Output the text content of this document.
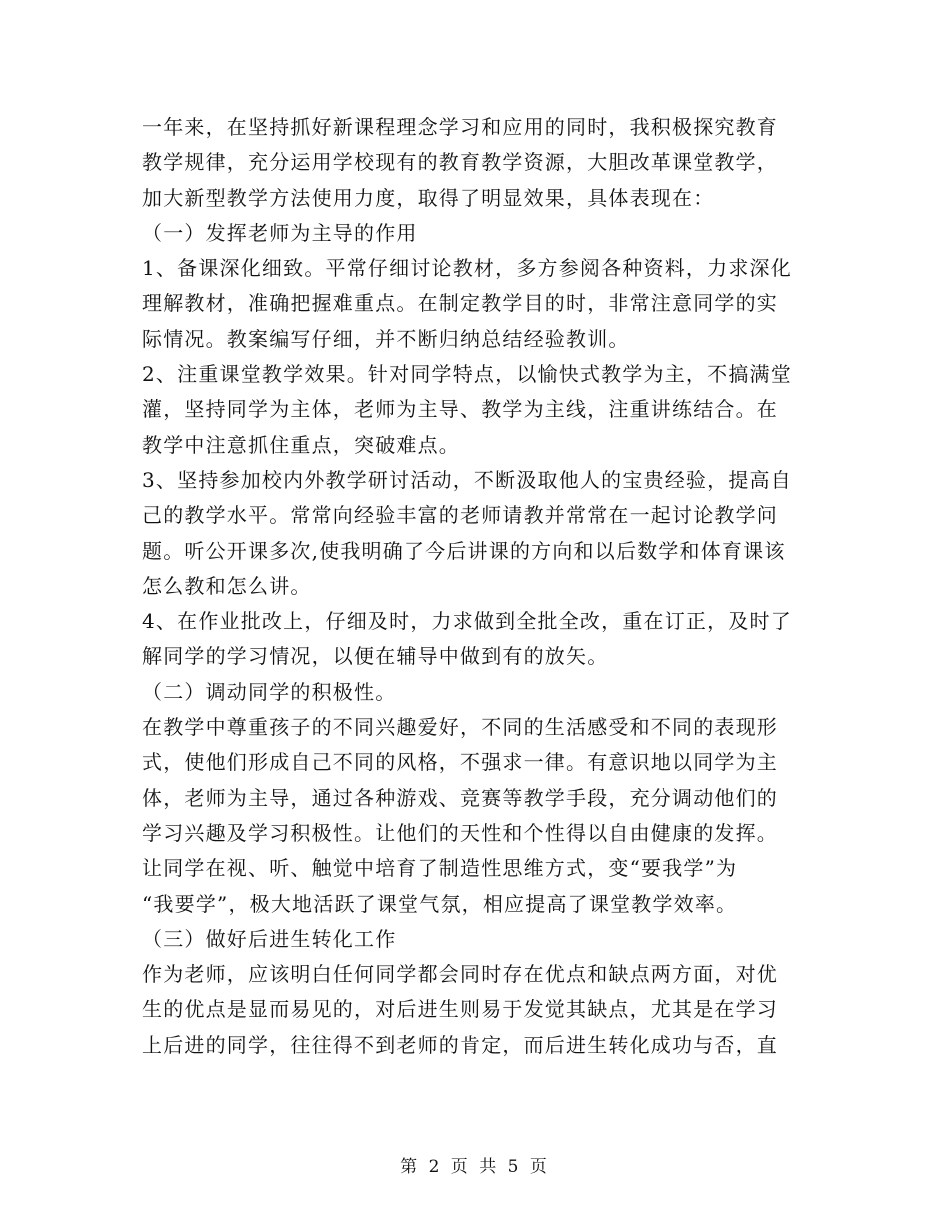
一年来，在坚持抓好新课程理念学习和应用的同时，我积极探究教育
教学规律，充分运用学校现有的教育教学资源，大胆改革课堂教学，
加大新型教学方法使用力度，取得了明显效果，具体表现在：
（一）发挥老师为主导的作用
1、备课深化细致。平常仔细讨论教材，多方参阅各种资料，力求深化
理解教材，准确把握难重点。在制定教学目的时，非常注意同学的实
际情况。教案编写仔细，并不断归纳总结经验教训。
2、注重课堂教学效果。针对同学特点，以愉快式教学为主，不搞满堂
灌，坚持同学为主体，老师为主导、教学为主线，注重讲练结合。在
教学中注意抓住重点，突破难点。
3、坚持参加校内外教学研讨活动，不断汲取他人的宝贵经验，提高自
己的教学水平。常常向经验丰富的老师请教并常常在一起讨论教学问
题。听公开课多次,使我明确了今后讲课的方向和以后数学和体育课该
怎么教和怎么讲。
4、在作业批改上，仔细及时，力求做到全批全改，重在订正，及时了
解同学的学习情况，以便在辅导中做到有的放矢。
（二）调动同学的积极性。
在教学中尊重孩子的不同兴趣爱好，不同的生活感受和不同的表现形
式，使他们形成自己不同的风格，不强求一律。有意识地以同学为主
体，老师为主导，通过各种游戏、竞赛等教学手段，充分调动他们的
学习兴趣及学习积极性。让他们的天性和个性得以自由健康的发挥。
让同学在视、听、触觉中培育了制造性思维方式，变“要我学”为
“我要学”，极大地活跃了课堂气氛，相应提高了课堂教学效率。
（三）做好后进生转化工作
作为老师，应该明白任何同学都会同时存在优点和缺点两方面，对优
生的优点是显而易见的，对后进生则易于发觉其缺点，尤其是在学习
上后进的同学，往往得不到老师的肯定，而后进生转化成功与否，直
第 2 页 共 5 页
